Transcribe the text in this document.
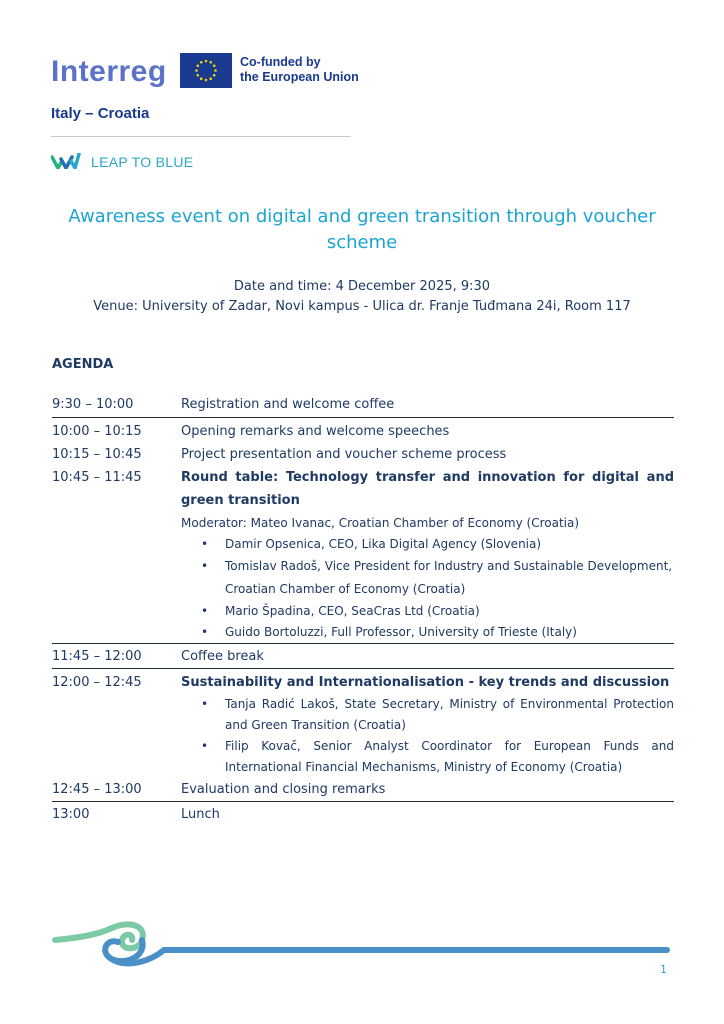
Interreg	Co-funded by
the European Union
Italy – Croatia
LEAP TO BLUE
Awareness event on digital and green transition through voucher scheme
Date and time: 4 December 2025, 9:30
Venue: University of Zadar, Novi kampus - Ulica dr. Franje Tuđmana 24i, Room 117
AGENDA
9:30 – 10:00	Registration and welcome coffee
10:00 – 10:15	Opening remarks and welcome speeches
10:15 – 10:45	Project presentation and voucher scheme process
10:45 – 11:45	Round table: Technology transfer and innovation for digital and green transition
Moderator: Mateo Ivanac, Croatian Chamber of Economy (Croatia)
• Damir Opsenica, CEO, Lika Digital Agency (Slovenia)
• Tomislav Radoš, Vice President for Industry and Sustainable Development, Croatian Chamber of Economy (Croatia)
• Mario Špadina, CEO, SeaCras Ltd (Croatia)
• Guido Bortoluzzi, Full Professor, University of Trieste (Italy)
11:45 – 12:00	Coffee break
12:00 – 12:45	Sustainability and Internationalisation - key trends and discussion
• Tanja Radić Lakoš, State Secretary, Ministry of Environmental Protection and Green Transition (Croatia)
• Filip Kovač, Senior Analyst Coordinator for European Funds and International Financial Mechanisms, Ministry of Economy (Croatia)
12:45 – 13:00	Evaluation and closing remarks
13:00	Lunch
1
